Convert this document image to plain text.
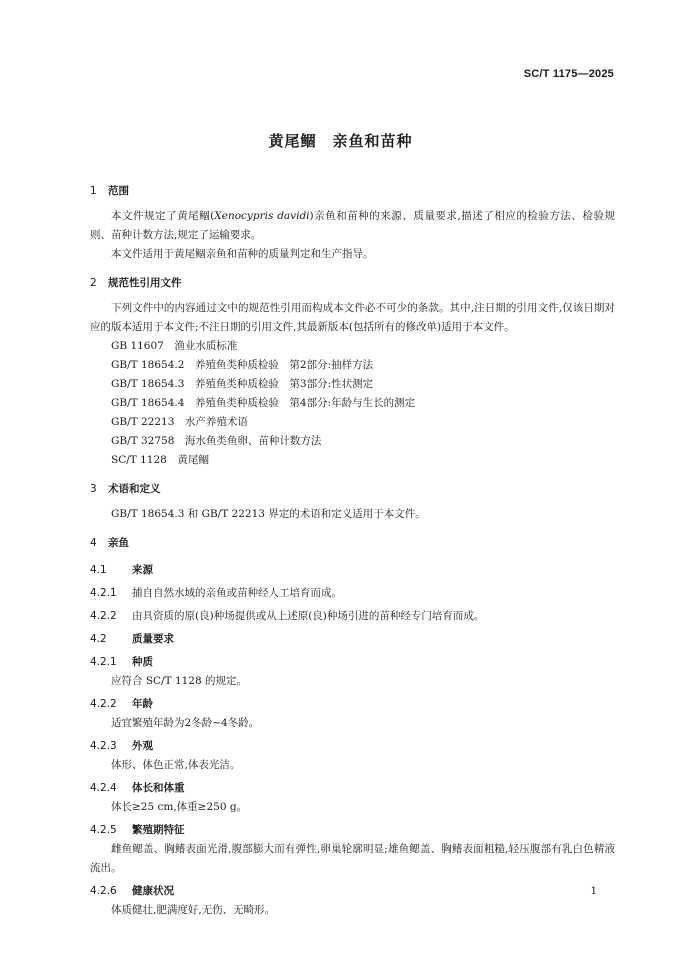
SC/T 1175—2025
黄尾鲴　亲鱼和苗种
1	范围

本文件规定了黄尾鲴(Xenocypris davidi)亲鱼和苗种的来源、质量要求,描述了相应的检验方法、检验规则、苗种计数方法,规定了运输要求。

本文件适用于黄尾鲴亲鱼和苗种的质量判定和生产指导。

2	规范性引用文件

下列文件中的内容通过文中的规范性引用而构成本文件必不可少的条款。其中,注日期的引用文件,仅该日期对应的版本适用于本文件;不注日期的引用文件,其最新版本(包括所有的修改单)适用于本文件。

GB 11607　渔业水质标准

GB/T 18654.2　养殖鱼类种质检验　第2部分:抽样方法

GB/T 18654.3　养殖鱼类种质检验　第3部分:性状测定

GB/T 18654.4　养殖鱼类种质检验　第4部分:年龄与生长的测定

GB/T 22213　水产养殖术语

GB/T 32758　海水鱼类鱼卵、苗种计数方法

SC/T 1128　黄尾鲴

3	术语和定义

GB/T 18654.3 和 GB/T 22213 界定的术语和定义适用于本文件。

4	亲鱼
4.1	来源
4.2.1	捕自自然水域的亲鱼或苗种经人工培育而成。
4.2.2	由具资质的原(良)种场提供或从上述原(良)种场引进的苗种经专门培育而成。
4.2	质量要求
4.2.1	种质

应符合 SC/T 1128 的规定。

4.2.2	年龄

适宜繁殖年龄为2冬龄~4冬龄。

4.2.3	外观

体形、体色正常,体表光洁。

4.2.4	体长和体重

体长≥25 cm,体重≥250 g。

4.2.5	繁殖期特征

雌鱼鳃盖、胸鳍表面光滑,腹部膨大而有弹性,卵巢轮廓明显;雄鱼鳃盖、胸鳍表面粗糙,轻压腹部有乳白色精液流出。

4.2.6	健康状况

体质健壮,肥满度好,无伤、无畸形。

1
